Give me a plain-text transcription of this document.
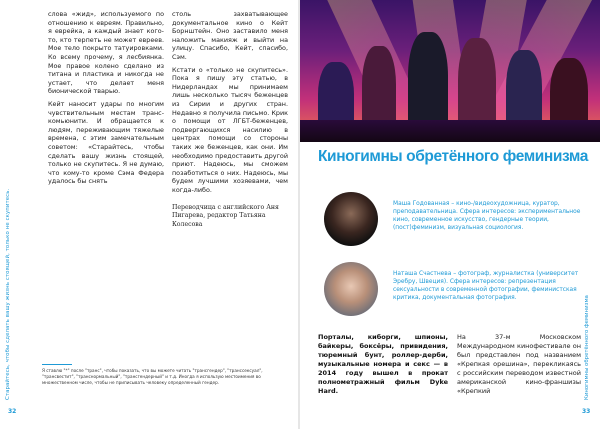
Старайтесь, чтобы сделать вашу жизнь стоящей, только не скупитесь.

слова «жид», используемого по отношению к евреям. Правильно, я еврейка, а каждый знает кого-то, кто терпеть не может евреев. Мое тело покрыто татуировками. Ко всему прочему, я лесбиянка. Мое правое колено сделано из титана и пластика и никогда не устает, что делает меня бионической тварью.

Кейт наносит удары по многим чувствительным местам транс-комьюнити. И обращается к людям, переживающим тяжелые времена, с этим замечательным советом: «Старайтесь, чтобы сделать вашу жизнь стоящей, только не скупитесь. Я не думаю, что кому-то кроме Сэма Федера удалось бы снять

столь захватывающее документальное кино о Кейт Борнштейн. Оно заставило меня наложить макияж и выйти на улицу. Спасибо, Кейт, спасибо, Сэм.

Кстати о «только не скупитесь». Пока я пишу эту статью, в Нидерландах мы принимаем лишь несколько тысяч беженцев из Сирии и других стран. Недавно я получила письмо. Крик о помощи от ЛГБТ-беженцев, подвергающихся насилию в центрах помощи со стороны таких же беженцев, как они. Им необходимо предоставить другой приют. Надеюсь, мы сможем позаботиться о них. Надеюсь, мы будем лучшими хозяевами, чем когда-либо.

Переводчица с английского Аня Пигарева, редактор Татьяна Колесова
Я ставлю "*" после "транс", чтобы показать, что вы можете читать "трансгендер", "транссексуал", "трансвестит", "транснормальный", "трансгендерный" и т.д. Иногда я использую местоимения во множественном числе, чтобы не приписывать человеку определенный гендер.
32
Киногимны обретённого феминизма
Маша Годованная – кино-/видеохудожница, куратор, преподавательница. Сфера интересов: экспериментальное кино, современное искусство, гендерные теории, (пост)феминизм, визуальная социология.
Наташа Счастнева – фотограф, журналистка (университет Эребру, Швеция). Сфера интересов: репрезентация сексуальности в современной фотографии, феминистская критика, документальная фотография.
Порталы, киборги, шпионы, байкеры, боксёры, привидения, тюремный бунт, роллер-дерби, музыкальные номера и секс — в 2014 году вышел в прокат полнометражный фильм Dyke Hard.
На 37-м Московском Международном кинофестивале он был представлен под названием «Крепкая орешина», перекликаясь с российским переводом известной американской кино-франшизы «Крепкий	Киногимны обретённого феминизма
33
